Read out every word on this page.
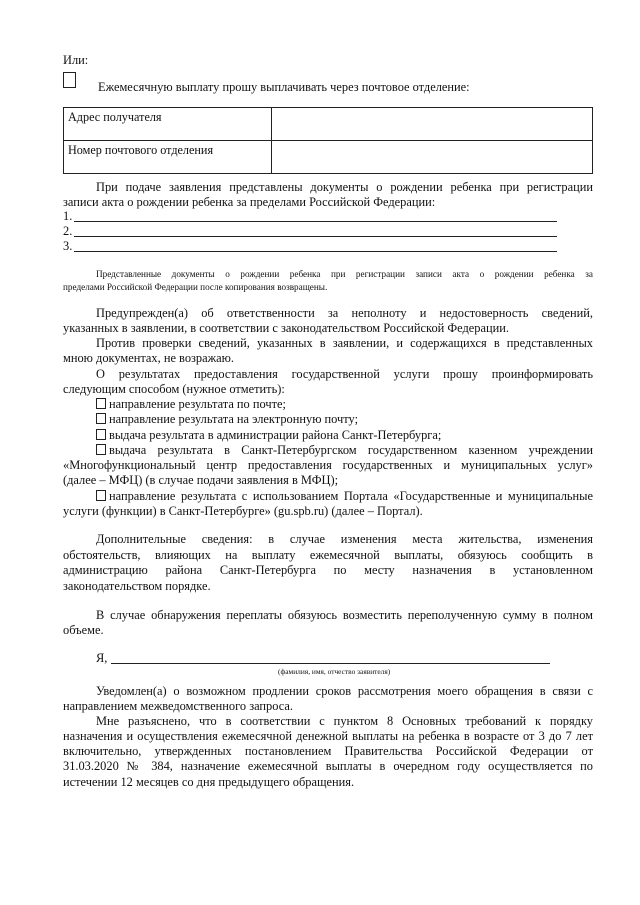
Или:
Ежемесячную выплату прошу выплачивать через почтовое отделение:
Адрес получателя	
Номер почтового отделения	
При подаче заявления представлены документы о рождении ребенка при регистрации
записи акта о рождении ребенка за пределами Российской Федерации:
1.
2.
3.
Представленные документы о рождении ребенка при регистрации записи акта о рождении ребенка за
пределами Российской Федерации после копирования возвращены.
Предупрежден(а) об ответственности за неполноту и недостоверность сведений,
указанных в заявлении, в соответствии с законодательством Российской Федерации.
Против проверки сведений, указанных в заявлении, и содержащихся в представленных
мною документах, не возражаю.
О результатах предоставления государственной услуги прошу проинформировать
следующим способом (нужное отметить):
направление результата по почте;
направление результата на электронную почту;
выдача результата в администрации района Санкт-Петербурга;
выдача результата в Санкт-Петербургском государственном казенном учреждении
«Многофункциональный центр предоставления государственных и муниципальных услуг»
(далее – МФЦ) (в случае подачи заявления в МФЦ);
направление результата с использованием Портала «Государственные и муниципальные
услуги (функции) в Санкт-Петербурге» (gu.spb.ru) (далее – Портал).
Дополнительные сведения: в случае изменения места жительства, изменения
обстоятельств, влияющих на выплату ежемесячной выплаты, обязуюсь сообщить в
администрацию района Санкт-Петербурга по месту назначения в установленном
законодательством порядке.
В случае обнаружения переплаты обязуюсь возместить переполученную сумму в полном
объеме.
Я,
(фамилия, имя, отчество заявителя)
Уведомлен(а) о возможном продлении сроков рассмотрения моего обращения в связи с
направлением межведомственного запроса.
Мне разъяснено, что в соответствии с пунктом 8 Основных требований к порядку
назначения и осуществления ежемесячной денежной выплаты на ребенка в возрасте от 3 до 7 лет
включительно, утвержденных постановлением Правительства Российской Федерации от
31.03.2020 № 384, назначение ежемесячной выплаты в очередном году осуществляется по
истечении 12 месяцев со дня предыдущего обращения.
